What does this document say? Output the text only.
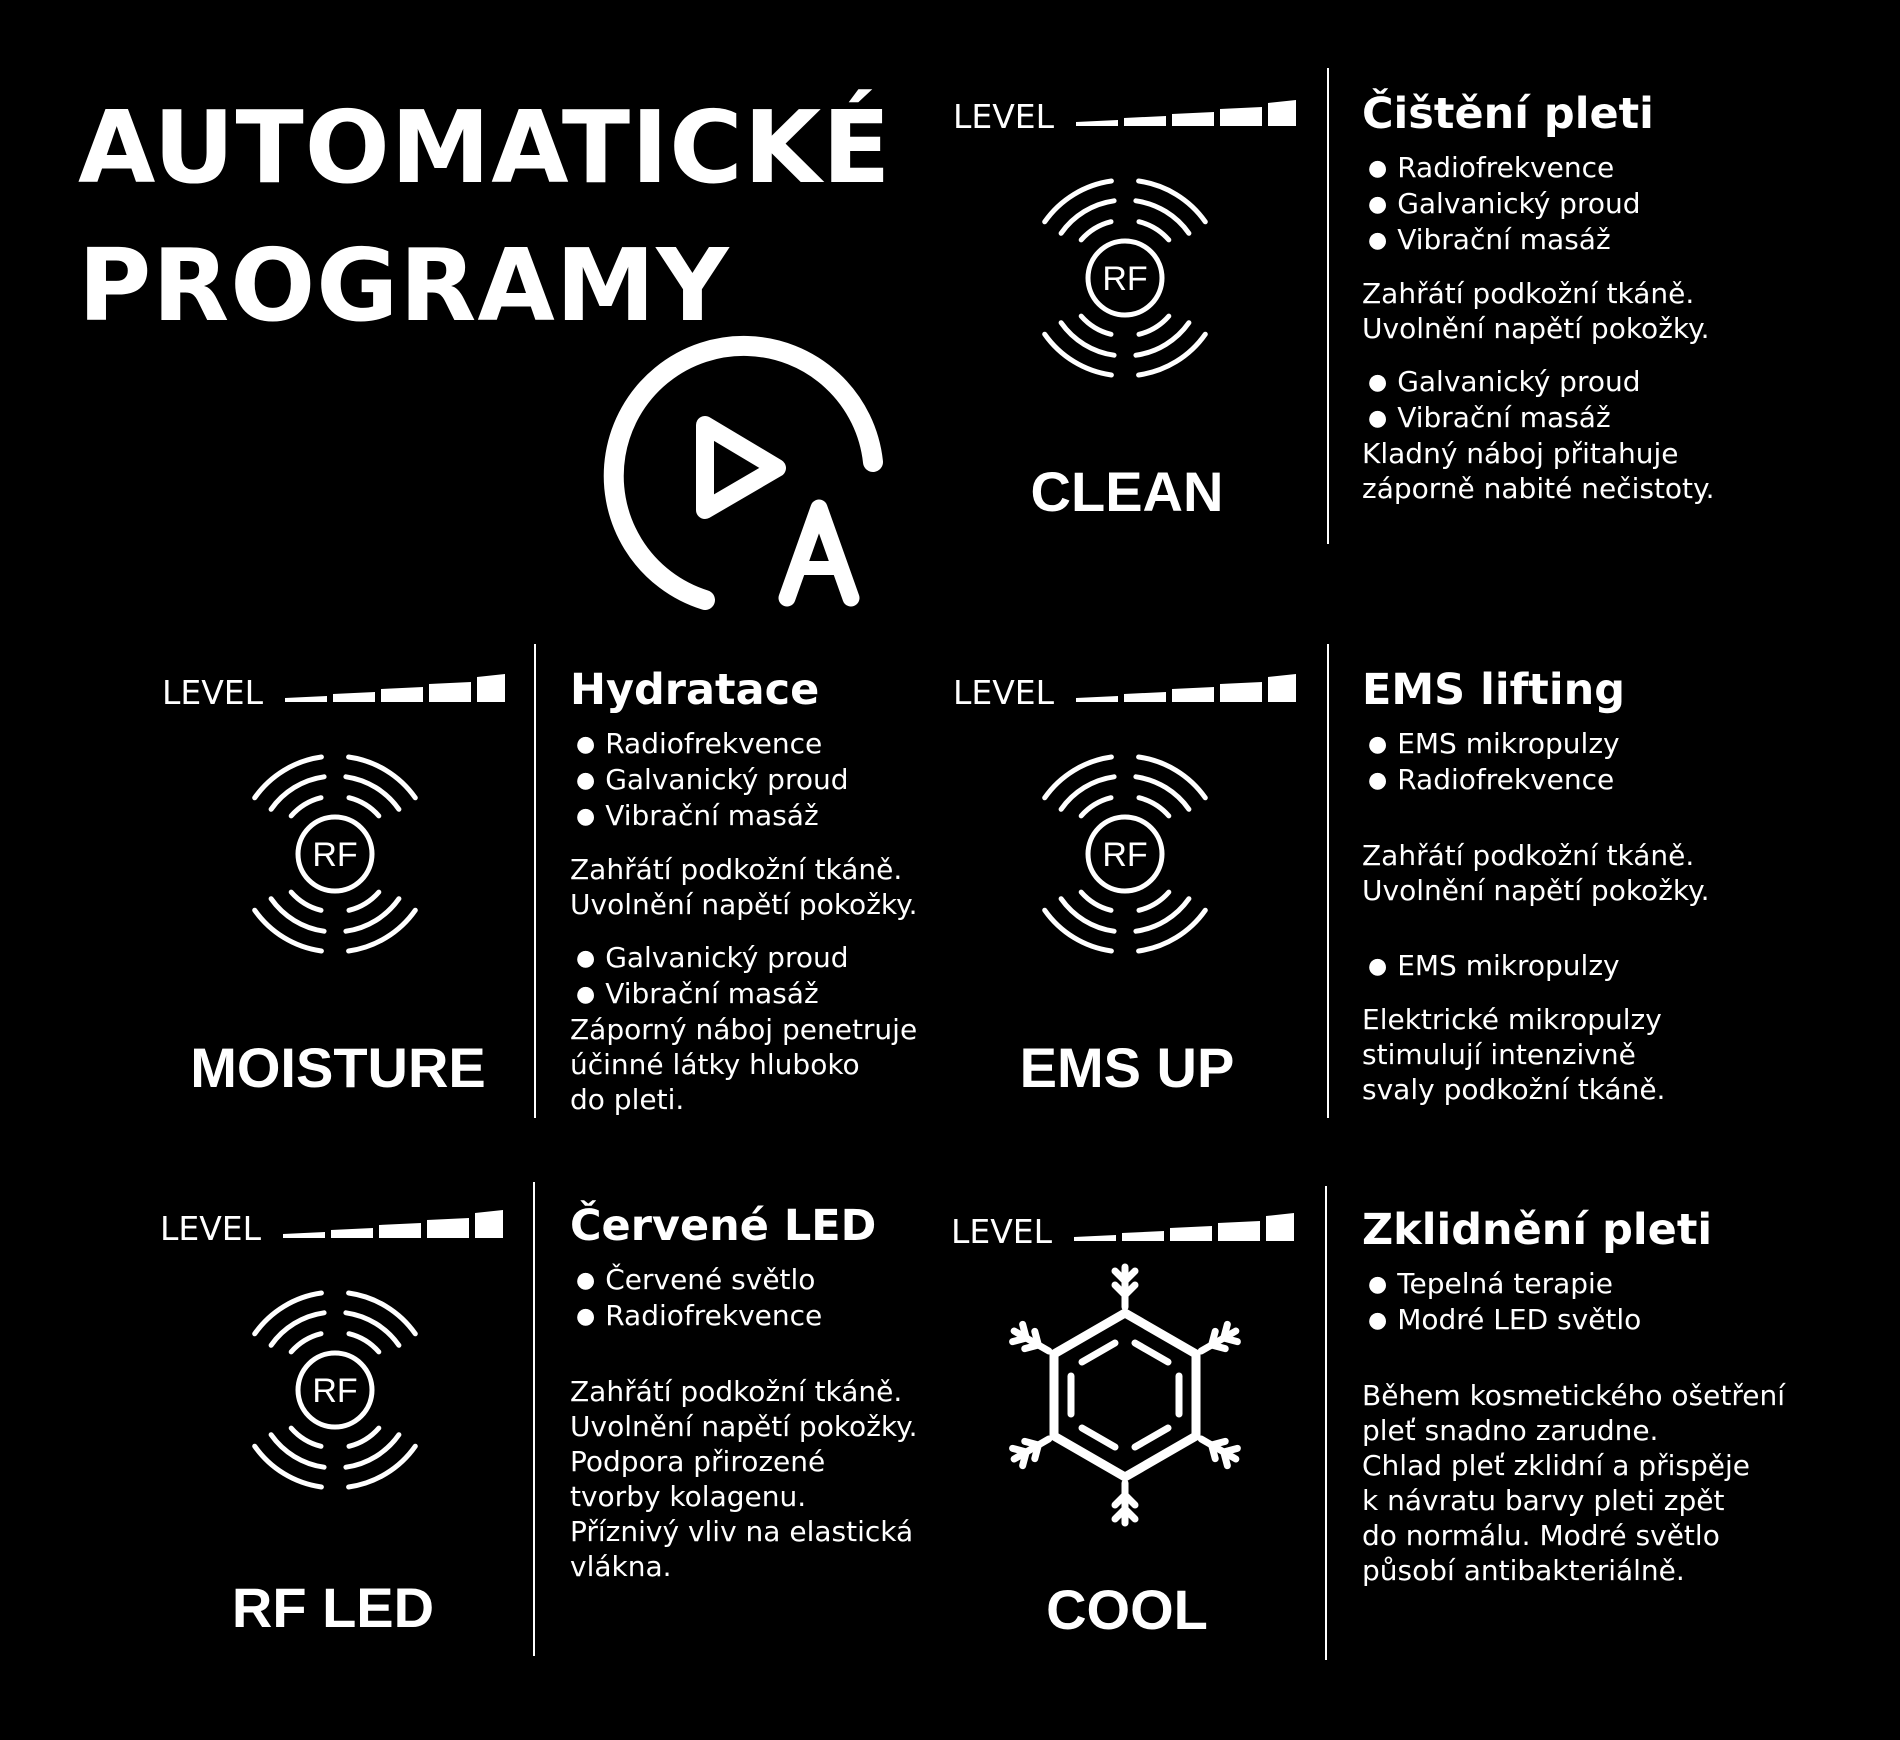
AUTOMATICKÉ
PROGRAMY
A
LEVEL
RF
CLEAN
Čištění pleti
● Radiofrekvence
● Galvanický proud
● Vibrační masáž
Zahřátí podkožní tkáně.
Uvolnění napětí pokožky.
● Galvanický proud
● Vibrační masáž
Kladný náboj přitahuje
záporně nabité nečistoty.
LEVEL
RF
MOISTURE
Hydratace
● Radiofrekvence
● Galvanický proud
● Vibrační masáž
Zahřátí podkožní tkáně.
Uvolnění napětí pokožky.
● Galvanický proud
● Vibrační masáž
Záporný náboj penetruje
účinné látky hluboko
do pleti.
LEVEL
RF
EMS UP
EMS lifting
● EMS mikropulzy
● Radiofrekvence
Zahřátí podkožní tkáně.
Uvolnění napětí pokožky.
● EMS mikropulzy
Elektrické mikropulzy
stimulují intenzivně
svaly podkožní tkáně.
LEVEL
RF
RF LED
Červené LED
● Červené světlo
● Radiofrekvence
Zahřátí podkožní tkáně.
Uvolnění napětí pokožky.
Podpora přirozené
tvorby kolagenu.
Příznivý vliv na elastická
vlákna.
LEVEL
COOL
Zklidnění pleti
● Tepelná terapie
● Modré LED světlo
Během kosmetického ošetření
pleť snadno zarudne.
Chlad pleť zklidní a přispěje
k návratu barvy pleti zpět
do normálu. Modré světlo
působí antibakteriálně.
